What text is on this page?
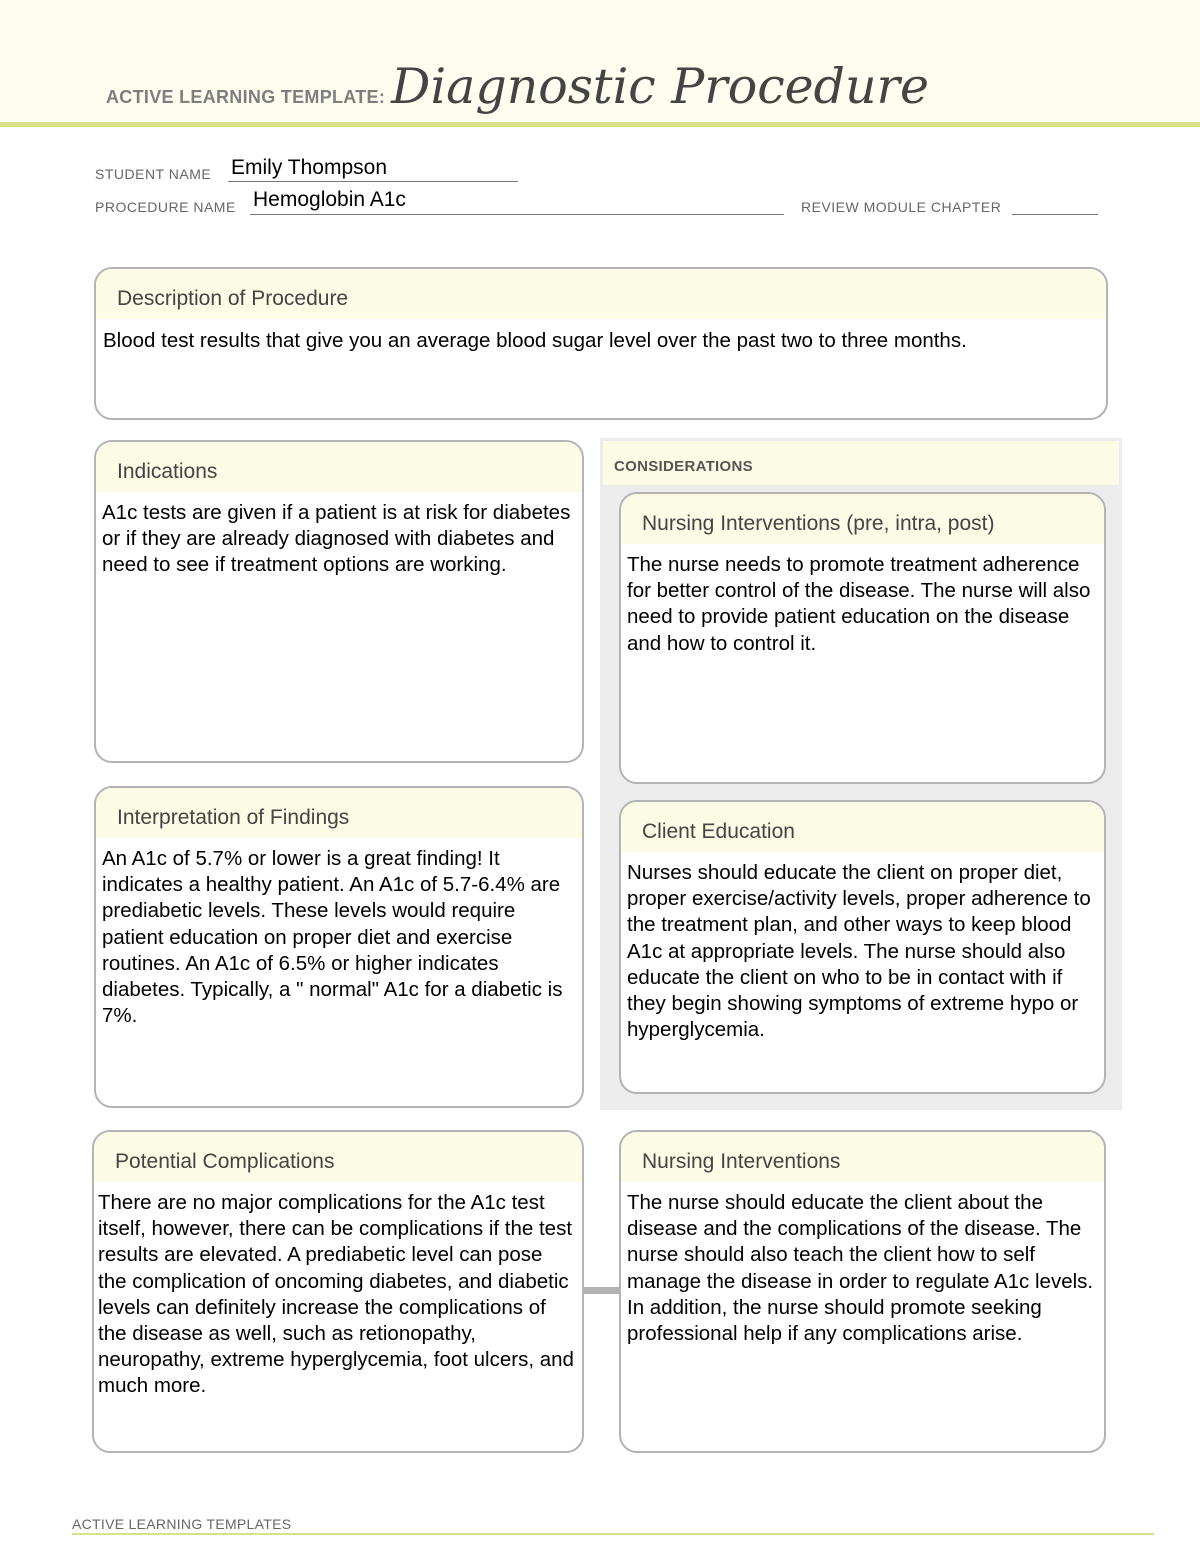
ACTIVE LEARNING TEMPLATE: Diagnostic Procedure
STUDENT NAME Emily Thompson
PROCEDURE NAME Hemoglobin A1c	REVIEW MODULE CHAPTER
Description of Procedure
Blood test results that give you an average blood sugar level over the past two to three months.
CONSIDERATIONS
Indications
A1c tests are given if a patient is at risk for diabetes or if they are already diagnosed with diabetes and need to see if treatment options are working.
Nursing Interventions (pre, intra, post)
The nurse needs to promote treatment adherence for better control of the disease. The nurse will also need to provide patient education on the disease and how to control it.
Interpretation of Findings
An A1c of 5.7% or lower is a great finding! It indicates a healthy patient. An A1c of 5.7-6.4% are prediabetic levels. These levels would require patient education on proper diet and exercise routines. An A1c of 6.5% or higher indicates diabetes. Typically, a " normal" A1c for a diabetic is 7%.
Client Education
Nurses should educate the client on proper diet, proper exercise/activity levels, proper adherence to the treatment plan, and other ways to keep blood A1c at appropriate levels. The nurse should also educate the client on who to be in contact with if they begin showing symptoms of extreme hypo or hyperglycemia.
Potential Complications
There are no major complications for the A1c test itself, however, there can be complications if the test results are elevated. A prediabetic level can pose the complication of oncoming diabetes, and diabetic levels can definitely increase the complications of the disease as well, such as retionopathy, neuropathy, extreme hyperglycemia, foot ulcers, and much more.
Nursing Interventions
The nurse should educate the client about the disease and the complications of the disease. The nurse should also teach the client how to self manage the disease in order to regulate A1c levels. In addition, the nurse should promote seeking professional help if any complications arise.
ACTIVE LEARNING TEMPLATES
